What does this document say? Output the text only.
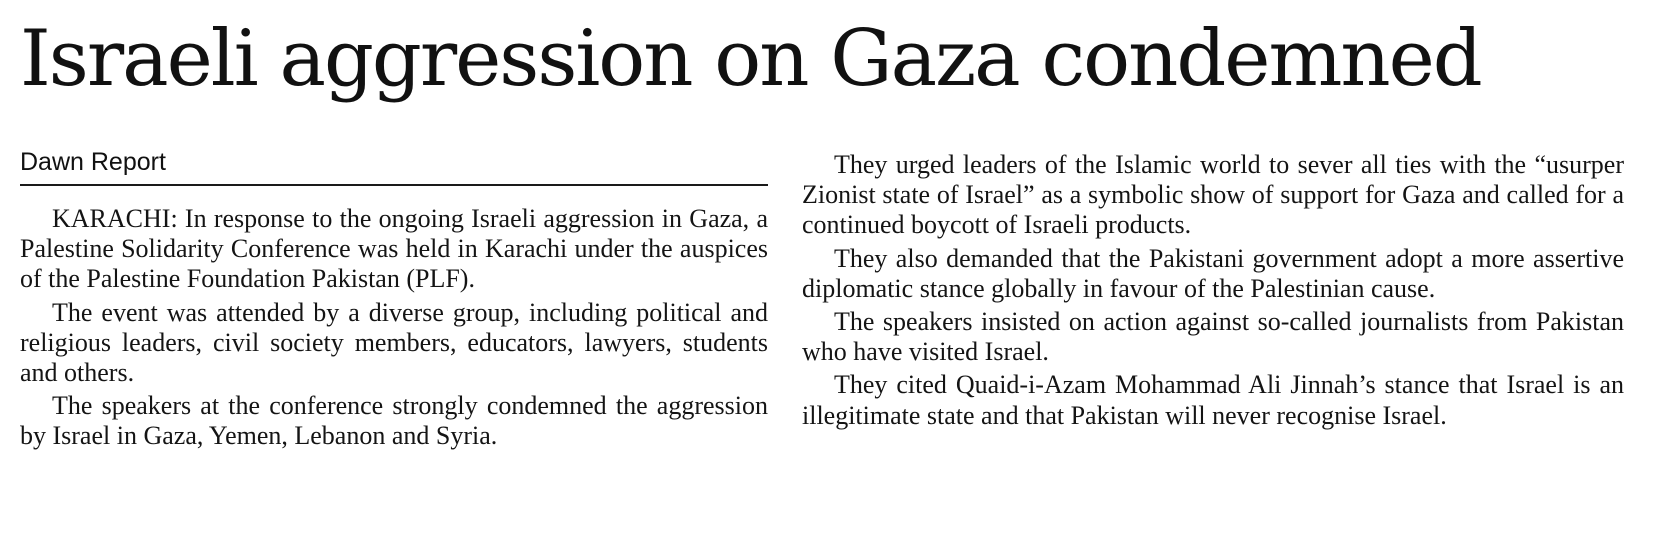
Israeli aggression on Gaza condemned
Dawn Report

KARACHI: In response to the ongoing Israeli aggression in Gaza, a Palestine Solidarity Conference was held in Karachi under the auspices of the Palestine Foundation Pakistan (PLF).

The event was attended by a diverse group, including political and religious leaders, civil society members, educators, lawyers, students and others.

The speakers at the conference strongly condemned the aggression by Israel in Gaza, Yemen, Lebanon and Syria.

They urged leaders of the Islamic world to sever all ties with the “usurper Zionist state of Israel” as a symbolic show of support for Gaza and called for a continued boycott of Israeli products.

They also demanded that the Pakistani government adopt a more assertive diplomatic stance globally in favour of the Palestinian cause.

The speakers insisted on action against so-called journalists from Pakistan who have visited Israel.

They cited Quaid-i-Azam Mohammad Ali Jinnah’s stance that Israel is an illegitimate state and that Pakistan will never recognise Israel.
